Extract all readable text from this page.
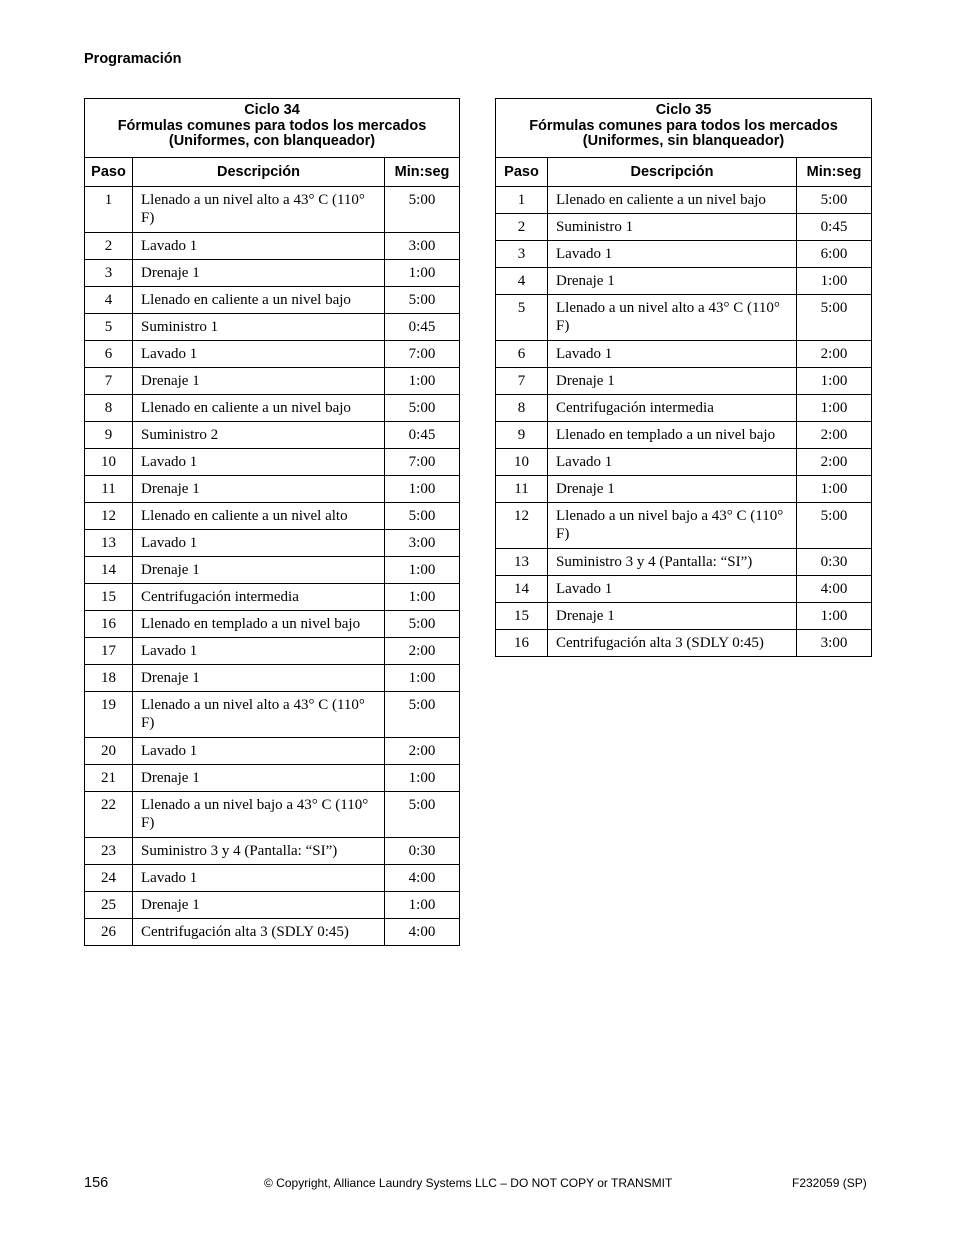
Programación
Ciclo 34
Fórmulas comunes para todos los mercados
(Uniformes, con blanqueador)		

Paso	Descripción	Min:seg
1	Llenado a un nivel alto a 43° C (110° F)	5:00
2	Lavado 1	3:00
3	Drenaje 1	1:00
4	Llenado en caliente a un nivel bajo	5:00
5	Suministro 1	0:45
6	Lavado 1	7:00
7	Drenaje 1	1:00
8	Llenado en caliente a un nivel bajo	5:00
9	Suministro 2	0:45
10	Lavado 1	7:00
11	Drenaje 1	1:00
12	Llenado en caliente a un nivel alto	5:00
13	Lavado 1	3:00
14	Drenaje 1	1:00
15	Centrifugación intermedia	1:00
16	Llenado en templado a un nivel bajo	5:00
17	Lavado 1	2:00
18	Drenaje 1	1:00
19	Llenado a un nivel alto a 43° C (110° F)	5:00
20	Lavado 1	2:00
21	Drenaje 1	1:00
22	Llenado a un nivel bajo a 43° C (110° F)	5:00
23	Suministro 3 y 4 (Pantalla: “SI”)	0:30
24	Lavado 1	4:00
25	Drenaje 1	1:00
26	Centrifugación alta 3 (SDLY 0:45)	4:00
Ciclo 35
Fórmulas comunes para todos los mercados
(Uniformes, sin blanqueador)		

Paso	Descripción	Min:seg
1	Llenado en caliente a un nivel bajo	5:00
2	Suministro 1	0:45
3	Lavado 1	6:00
4	Drenaje 1	1:00
5	Llenado a un nivel alto a 43° C (110° F)	5:00
6	Lavado 1	2:00
7	Drenaje 1	1:00
8	Centrifugación intermedia	1:00
9	Llenado en templado a un nivel bajo	2:00
10	Lavado 1	2:00
11	Drenaje 1	1:00
12	Llenado a un nivel bajo a 43° C (110° F)	5:00
13	Suministro 3 y 4 (Pantalla: “SI”)	0:30
14	Lavado 1	4:00
15	Drenaje 1	1:00
16	Centrifugación alta 3 (SDLY 0:45)	3:00
156	© Copyright, Alliance Laundry Systems LLC – DO NOT COPY or TRANSMIT	F232059 (SP)
